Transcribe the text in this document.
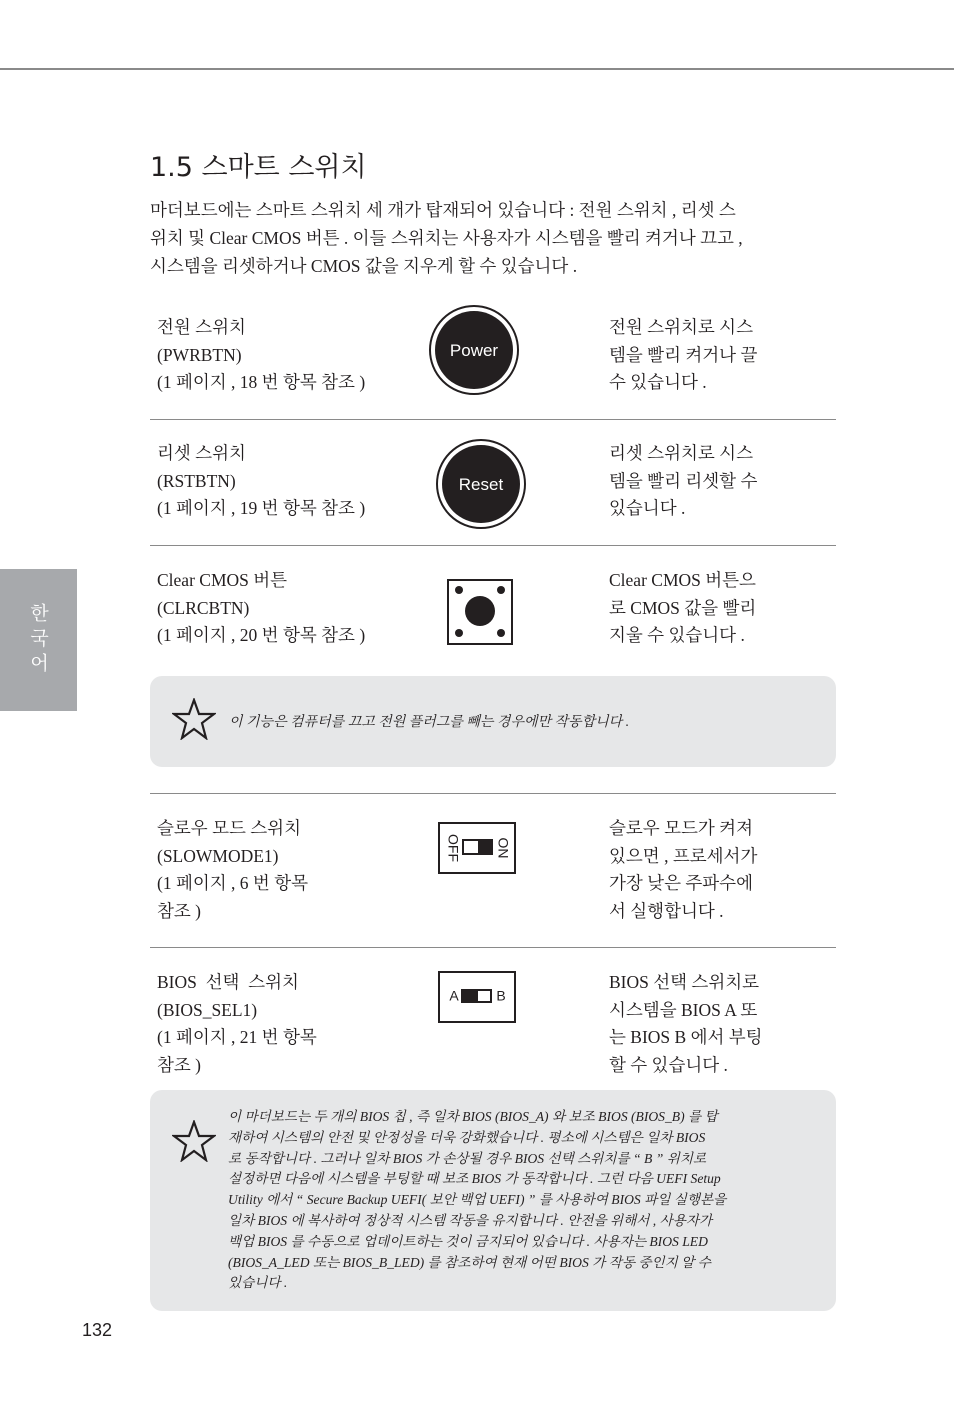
한국어
1.5 스마트 스위치

마더보드에는 스마트 스위치 세 개가 탑재되어 있습니다 : 전원 스위치 , 리셋 스
위치 및 Clear CMOS 버튼 . 이들 스위치는 사용자가 시스템을 빨리 켜거나 끄고 ,
시스템을 리셋하거나 CMOS 값을 지우게 할 수 있습니다 .

전원 스위치
(PWRBTN)
(1 페이지 , 18 번 항목 참조 )
Power
전원 스위치로 시스
템을 빨리 켜거나 끌
수 있습니다 .
리셋 스위치
(RSTBTN)
(1 페이지 , 19 번 항목 참조 )
Reset
리셋 스위치로 시스
템을 빨리 리셋할 수
있습니다 .
Clear CMOS 버튼
(CLRCBTN)
(1 페이지 , 20 번 항목 참조 )
Clear CMOS 버튼으
로 CMOS 값을 빨리
지울 수 있습니다 .
이 기능은 컴퓨터를 끄고 전원 플러그를 빼는 경우에만 작동합니다 .
슬로우 모드 스위치
(SLOWMODE1)
(1 페이지 , 6 번 항목
참조 )
OFF ON
슬로우 모드가 켜져
있으면 , 프로세서가
가장 낮은 주파수에
서 실행합니다 .
BIOS  선택  스위치
(BIOS_SEL1)
(1 페이지 , 21 번 항목
참조 )
A	B
BIOS 선택 스위치로
시스템을 BIOS A 또
는 BIOS B 에서 부팅
할 수 있습니다 .
이 마더보드는 두 개의 BIOS 칩 , 즉 일차 BIOS (BIOS_A) 와 보조 BIOS (BIOS_B) 를 탑
재하여 시스템의 안전 및 안정성을 더욱 강화했습니다 . 평소에 시스템은 일차 BIOS
로 동작합니다 . 그러나 일차 BIOS 가 손상될 경우 BIOS 선택 스위치를 “ B ” 위치로
설정하면 다음에 시스템을 부팅할 때 보조 BIOS 가 동작합니다 . 그런 다음 UEFI Setup
Utility 에서 “ Secure Backup UEFI( 보안 백업 UEFI) ” 를 사용하여 BIOS 파일 실행본을
일차 BIOS 에 복사하여 정상적 시스템 작동을 유지합니다 . 안전을 위해서 , 사용자가
백업 BIOS 를 수동으로 업데이트하는 것이 금지되어 있습니다 . 사용자는 BIOS LED
(BIOS_A_LED 또는 BIOS_B_LED) 를 참조하여 현재 어떤 BIOS 가 작동 중인지 알 수
있습니다 .
132
